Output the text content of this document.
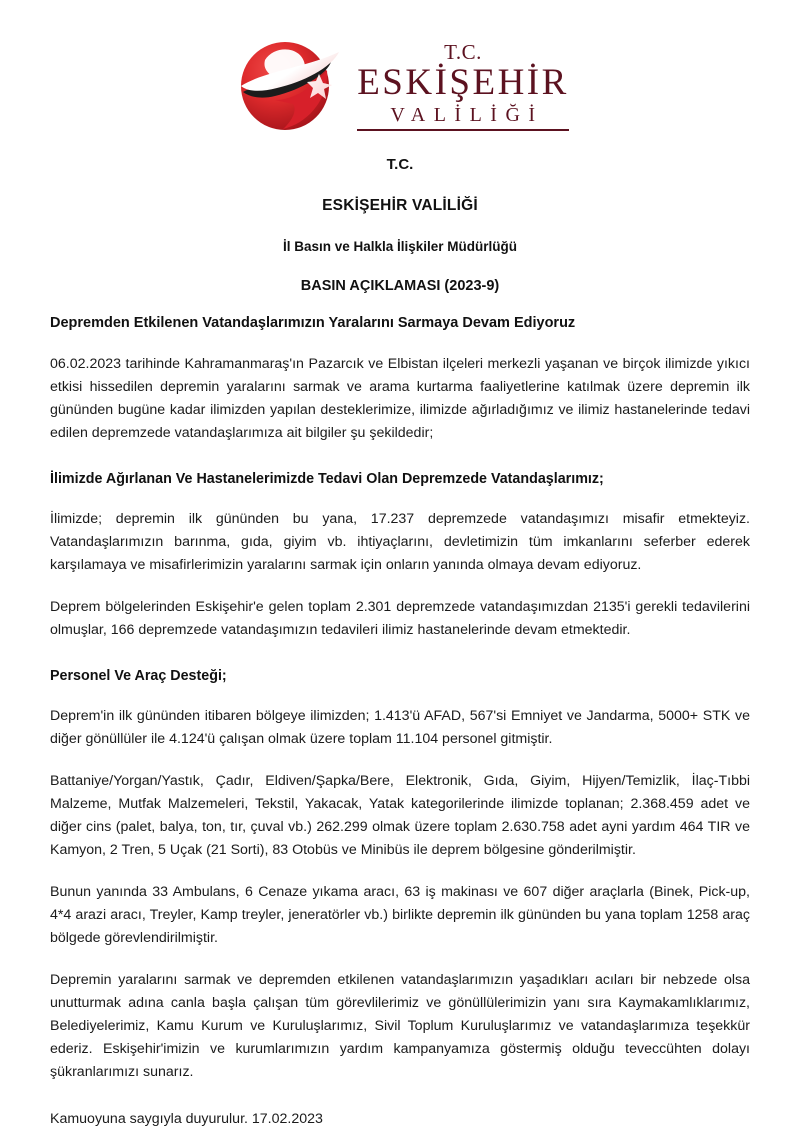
T.C.
ESKİŞEHİR
VALİLİĞİ
T.C.
ESKİŞEHİR VALİLİĞİ
İl Basın ve Halkla İlişkiler Müdürlüğü
BASIN AÇIKLAMASI (2023-9)
Depremden Etkilenen Vatandaşlarımızın Yaralarını Sarmaya Devam Ediyoruz

06.02.2023 tarihinde Kahramanmaraş'ın Pazarcık ve Elbistan ilçeleri merkezli yaşanan ve birçok ilimizde yıkıcı etkisi hissedilen depremin yaralarını sarmak ve arama kurtarma faaliyetlerine katılmak üzere depremin ilk gününden bugüne kadar ilimizden yapılan desteklerimize, ilimizde ağırladığımız ve ilimiz hastanelerinde tedavi edilen depremzede vatandaşlarımıza ait bilgiler şu şekildedir;

İlimizde Ağırlanan Ve Hastanelerimizde Tedavi Olan Depremzede Vatandaşlarımız;

İlimizde; depremin ilk gününden bu yana, 17.237 depremzede vatandaşımızı misafir etmekteyiz. Vatandaşlarımızın barınma, gıda, giyim vb. ihtiyaçlarını, devletimizin tüm imkanlarını seferber ederek karşılamaya ve misafirlerimizin yaralarını sarmak için onların yanında olmaya devam ediyoruz.

Deprem bölgelerinden Eskişehir'e gelen toplam 2.301 depremzede vatandaşımızdan 2135'i gerekli tedavilerini olmuşlar, 166 depremzede vatandaşımızın tedavileri ilimiz hastanelerinde devam etmektedir.

Personel Ve Araç Desteği;

Deprem'in ilk gününden itibaren bölgeye ilimizden; 1.413'ü AFAD, 567'si Emniyet ve Jandarma, 5000+ STK ve diğer gönüllüler ile 4.124'ü çalışan olmak üzere toplam 11.104 personel gitmiştir.

Battaniye/Yorgan/Yastık, Çadır, Eldiven/Şapka/Bere, Elektronik, Gıda, Giyim, Hijyen/Temizlik, İlaç-Tıbbi Malzeme, Mutfak Malzemeleri, Tekstil, Yakacak, Yatak kategorilerinde ilimizde toplanan; 2.368.459 adet ve diğer cins (palet, balya, ton, tır, çuval vb.) 262.299 olmak üzere toplam 2.630.758 adet ayni yardım 464 TIR ve Kamyon, 2 Tren, 5 Uçak (21 Sorti), 83 Otobüs ve Minibüs ile deprem bölgesine gönderilmiştir.

Bunun yanında 33 Ambulans, 6 Cenaze yıkama aracı, 63 iş makinası ve 607 diğer araçlarla (Binek, Pick-up, 4*4 arazi aracı, Treyler, Kamp treyler, jeneratörler vb.) birlikte depremin ilk gününden bu yana toplam 1258 araç bölgede görevlendirilmiştir.

Depremin yaralarını sarmak ve depremden etkilenen vatandaşlarımızın yaşadıkları acıları bir nebzede olsa unutturmak adına canla başla çalışan tüm görevlilerimiz ve gönüllülerimizin yanı sıra Kaymakamlıklarımız, Belediyelerimiz, Kamu Kurum ve Kuruluşlarımız, Sivil Toplum Kuruluşlarımız ve vatandaşlarımıza teşekkür ederiz. Eskişehir'imizin ve kurumlarımızın yardım kampanyamıza göstermiş olduğu teveccühten dolayı şükranlarımızı sunarız.

Kamuoyuna saygıyla duyurulur. 17.02.2023
